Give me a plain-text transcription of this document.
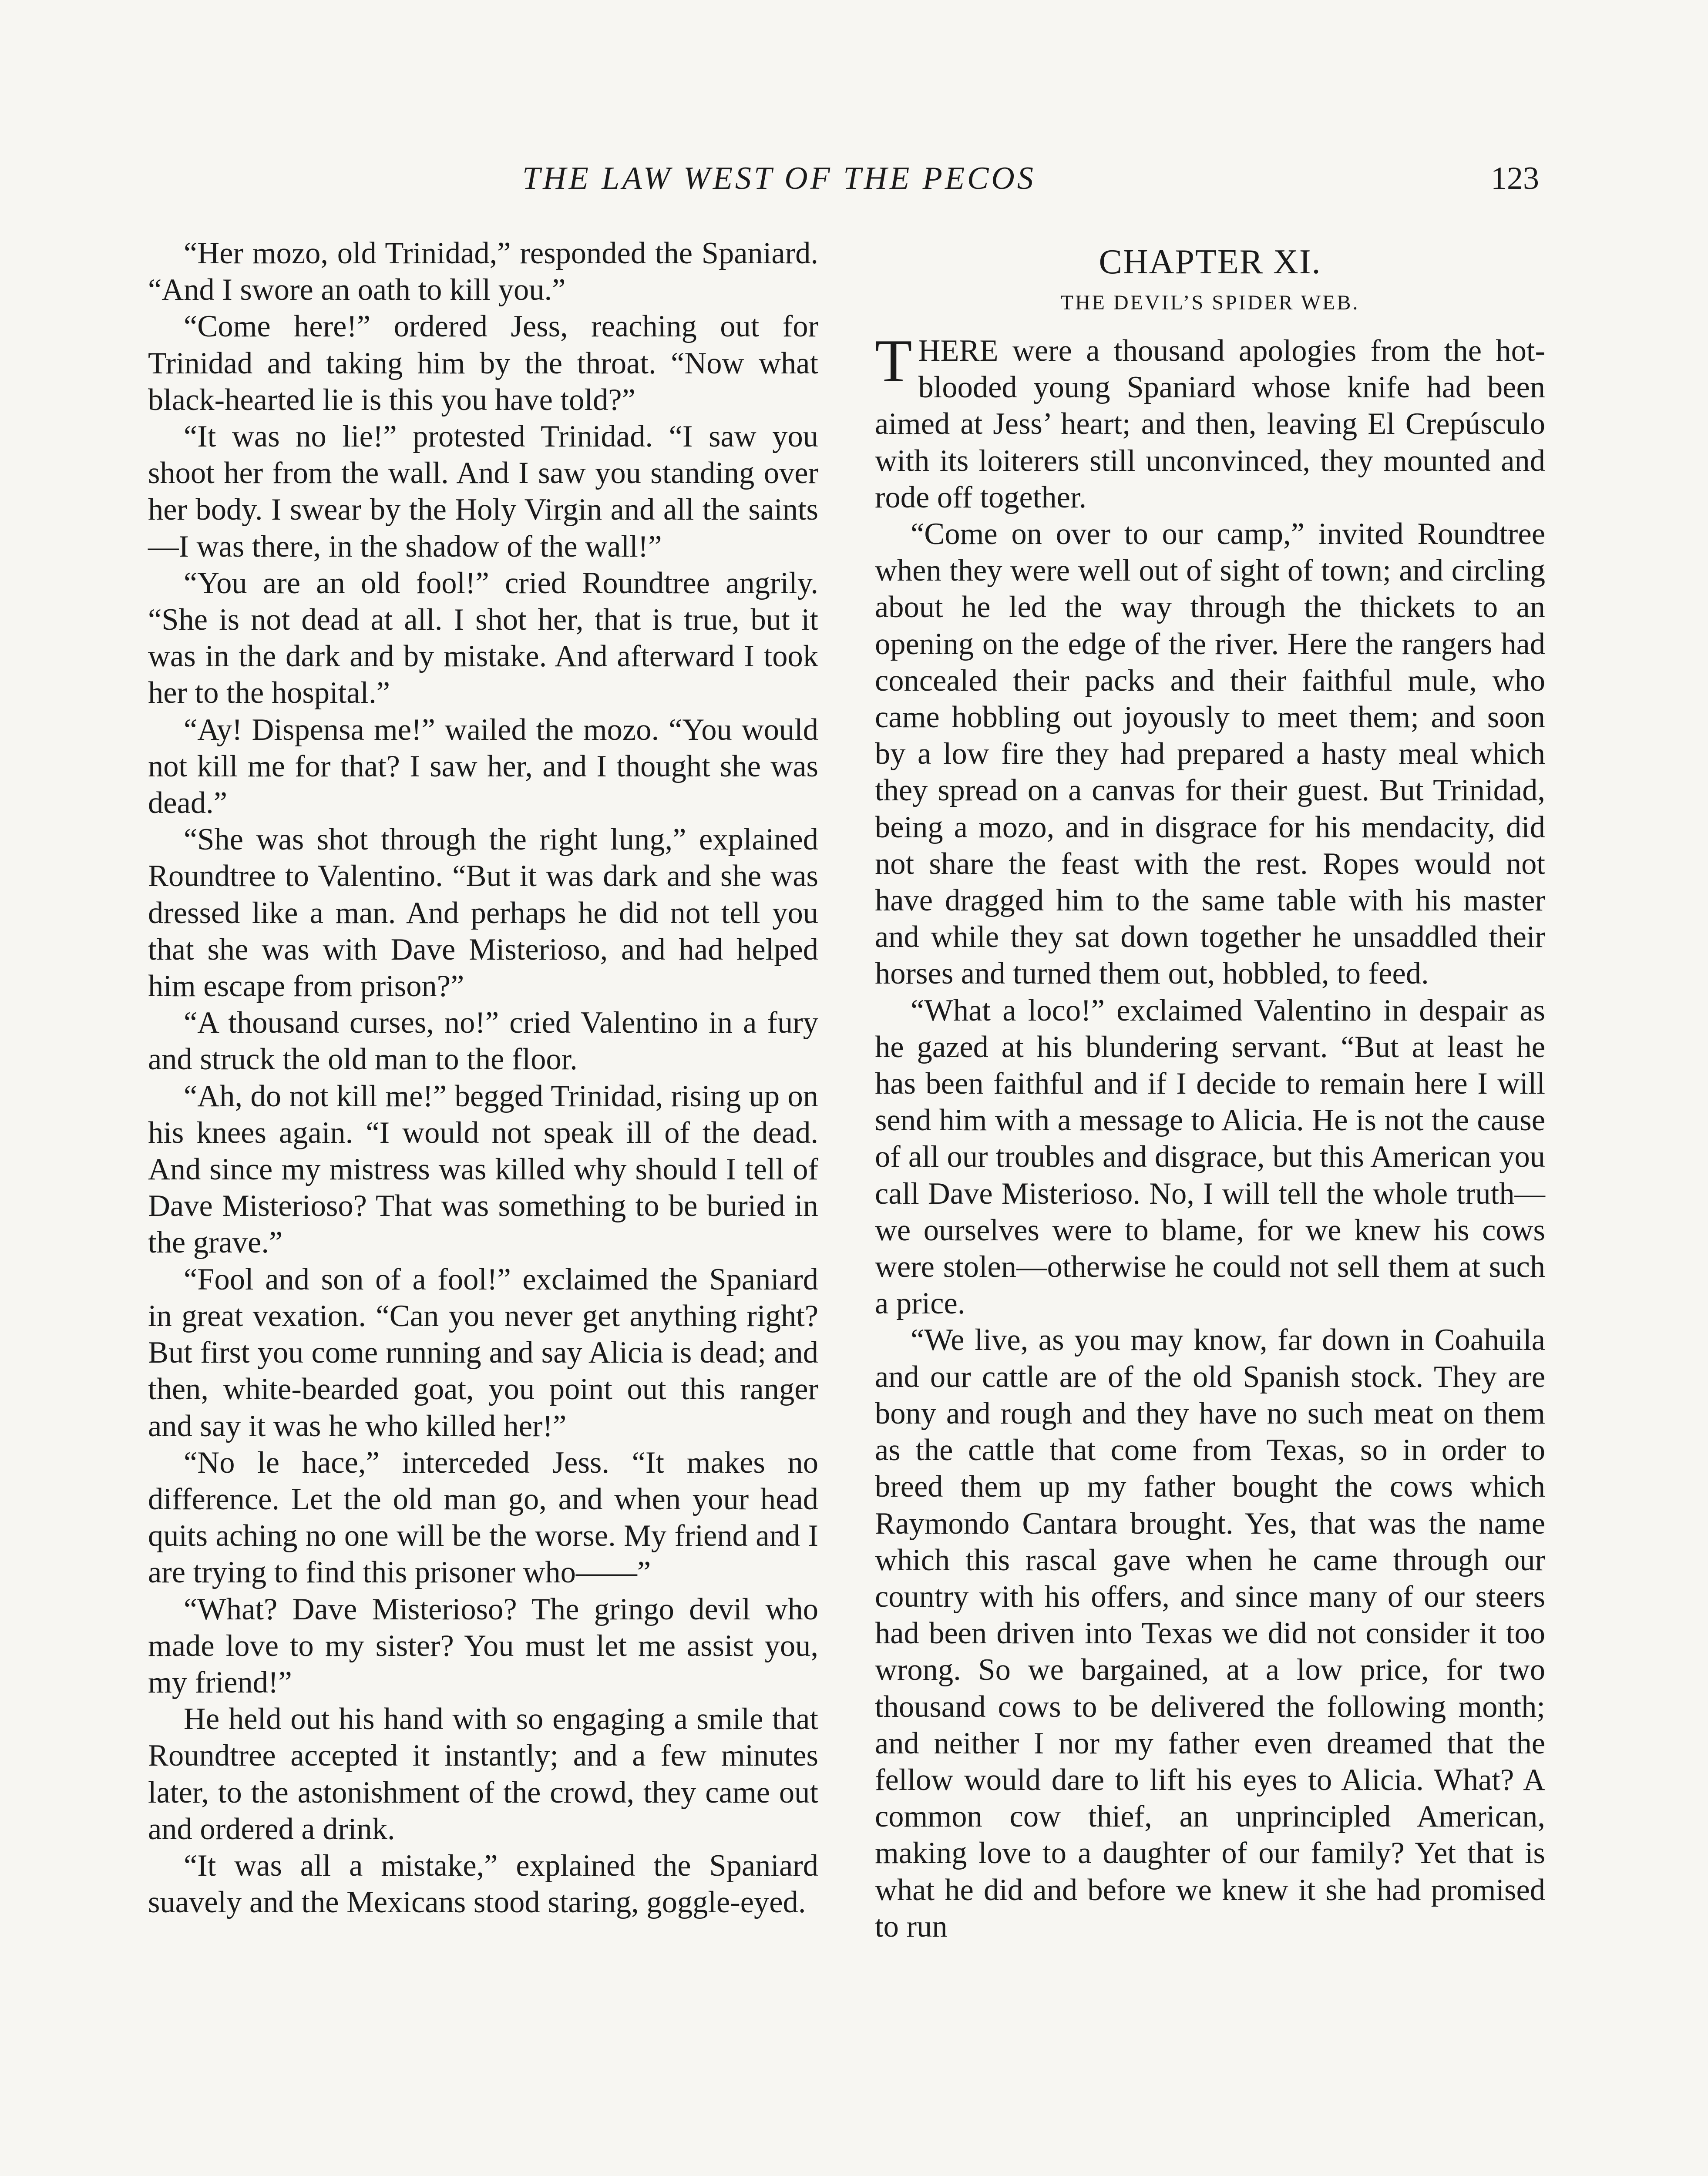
THE LAW WEST OF THE PECOS	123

“Her mozo, old Trinidad,” responded the Spaniard. “And I swore an oath to kill you.”

“Come here!” ordered Jess, reaching out for Trinidad and taking him by the throat. “Now what black-hearted lie is this you have told?”

“It was no lie!” protested Trinidad. “I saw you shoot her from the wall. And I saw you standing over her body. I swear by the Holy Virgin and all the saints—I was there, in the shadow of the wall!”

“You are an old fool!” cried Roundtree angrily. “She is not dead at all. I shot her, that is true, but it was in the dark and by mistake. And afterward I took her to the hospital.”

“Ay! Dispensa me!” wailed the mozo. “You would not kill me for that? I saw her, and I thought she was dead.”

“She was shot through the right lung,” explained Roundtree to Valentino. “But it was dark and she was dressed like a man. And perhaps he did not tell you that she was with Dave Misterioso, and had helped him escape from prison?”

“A thousand curses, no!” cried Valentino in a fury and struck the old man to the floor.

“Ah, do not kill me!” begged Trinidad, rising up on his knees again. “I would not speak ill of the dead. And since my mistress was killed why should I tell of Dave Misterioso? That was something to be buried in the grave.”

“Fool and son of a fool!” exclaimed the Spaniard in great vexation. “Can you never get anything right? But first you come running and say Alicia is dead; and then, white-bearded goat, you point out this ranger and say it was he who killed her!”

“No le hace,” interceded Jess. “It makes no difference. Let the old man go, and when your head quits aching no one will be the worse. My friend and I are trying to find this prisoner who——”

“What? Dave Misterioso? The gringo devil who made love to my sister? You must let me assist you, my friend!”

He held out his hand with so engaging a smile that Roundtree accepted it instantly; and a few minutes later, to the astonishment of the crowd, they came out and ordered a drink.

“It was all a mistake,” explained the Spaniard suavely and the Mexicans stood staring, goggle-eyed.

CHAPTER XI.
THE DEVIL’S SPIDER WEB.

THERE were a thousand apologies from the hot-blooded young Spaniard whose knife had been aimed at Jess’ heart; and then, leaving El Crepúsculo with its loiterers still unconvinced, they mounted and rode off together.

“Come on over to our camp,” invited Roundtree when they were well out of sight of town; and circling about he led the way through the thickets to an opening on the edge of the river. Here the rangers had concealed their packs and their faithful mule, who came hobbling out joyously to meet them; and soon by a low fire they had prepared a hasty meal which they spread on a canvas for their guest. But Trinidad, being a mozo, and in disgrace for his mendacity, did not share the feast with the rest. Ropes would not have dragged him to the same table with his master and while they sat down together he unsaddled their horses and turned them out, hobbled, to feed.

“What a loco!” exclaimed Valentino in despair as he gazed at his blundering servant. “But at least he has been faithful and if I decide to remain here I will send him with a message to Alicia. He is not the cause of all our troubles and disgrace, but this American you call Dave Misterioso. No, I will tell the whole truth—we ourselves were to blame, for we knew his cows were stolen—otherwise he could not sell them at such a price.

“We live, as you may know, far down in Coahuila and our cattle are of the old Spanish stock. They are bony and rough and they have no such meat on them as the cattle that come from Texas, so in order to breed them up my father bought the cows which Raymondo Cantara brought. Yes, that was the name which this rascal gave when he came through our country with his offers, and since many of our steers had been driven into Texas we did not consider it too wrong. So we bargained, at a low price, for two thousand cows to be delivered the following month; and neither I nor my father even dreamed that the fellow would dare to lift his eyes to Alicia. What? A common cow thief, an unprincipled American, making love to a daughter of our family? Yet that is what he did and before we knew it she had promised to run
